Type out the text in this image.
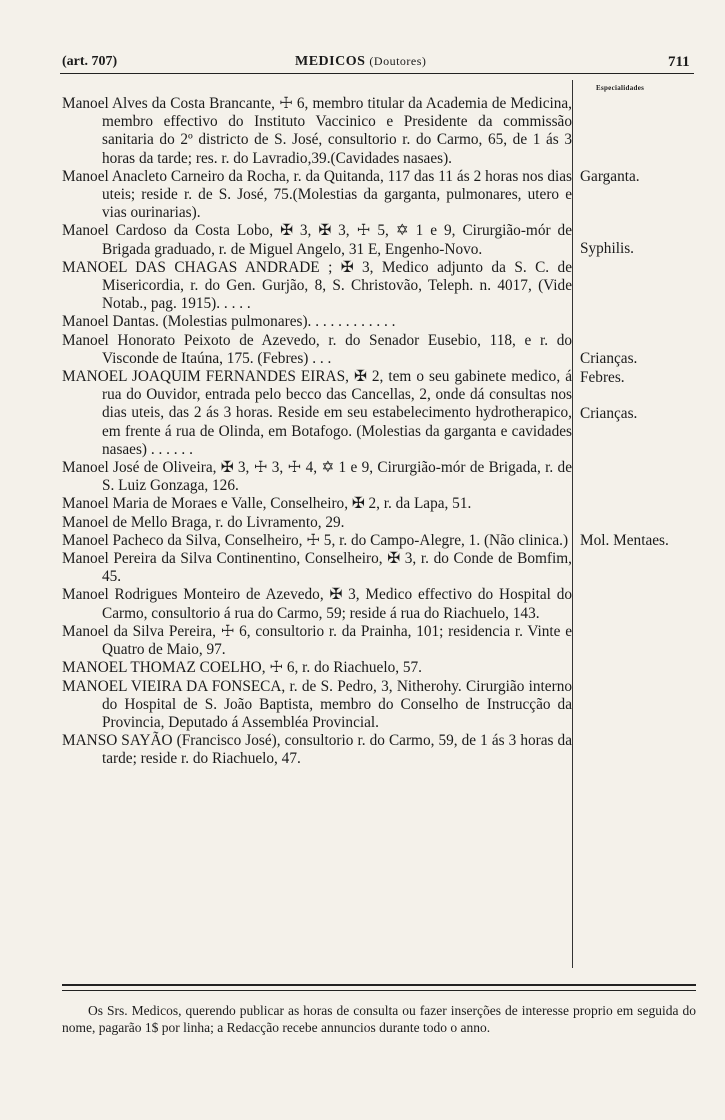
(art. 707)	MEDICOS (Doutores)	711
Especialidades
Manoel Alves da Costa Brancante, ☩ 6, membro titular da Academia de Medicina, membro effectivo do Instituto Vaccinico e Presidente da commissão sanitaria do 2º districto de S. José, consultorio r. do Carmo, 65, de 1 ás 3 horas da tarde; res. r. do Lavradio,39.(Cavidades nasaes).
Manoel Anacleto Carneiro da Rocha, r. da Quitanda, 117 das 11 ás 2 horas nos dias uteis; reside r. de S. José, 75.(Molestias da garganta, pulmonares, utero e vias ourinarias).
Manoel Cardoso da Costa Lobo, ✠ 3, ✠ 3, ☩ 5, ✡ 1 e 9, Cirurgião-mór de Brigada graduado, r. de Miguel Angelo, 31 E, Engenho-Novo.
MANOEL DAS CHAGAS ANDRADE ; ✠ 3, Medico adjunto da S. C. de Misericordia, r. do Gen. Gurjão, 8, S. Christovão, Teleph. n. 4017, (Vide Notab., pag. 1915). . . . .
Manoel Dantas. (Molestias pulmonares). . . . . . . . . . . .
Manoel Honorato Peixoto de Azevedo, r. do Senador Eusebio, 118, e r. do Visconde de Itaúna, 175. (Febres) . . .
MANOEL JOAQUIM FERNANDES EIRAS, ✠ 2, tem o seu gabinete medico, á rua do Ouvidor, entrada pelo becco das Cancellas, 2, onde dá consultas nos dias uteis, das 2 ás 3 horas. Reside em seu estabelecimento hydrotherapico, em frente á rua de Olinda, em Botafogo. (Molestias da garganta e cavidades nasaes) . . . . . .
Manoel José de Oliveira, ✠ 3, ☩ 3, ☩ 4, ✡ 1 e 9, Cirurgião-mór de Brigada, r. de S. Luiz Gonzaga, 126.
Manoel Maria de Moraes e Valle, Conselheiro, ✠ 2, r. da Lapa, 51.
Manoel de Mello Braga, r. do Livramento, 29.
Manoel Pacheco da Silva, Conselheiro, ☩ 5, r. do Campo-Alegre, 1. (Não clinica.)
Manoel Pereira da Silva Continentino, Conselheiro, ✠ 3, r. do Conde de Bomfim, 45.
Manoel Rodrigues Monteiro de Azevedo, ✠ 3, Medico effectivo do Hospital do Carmo, consultorio á rua do Carmo, 59; reside á rua do Riachuelo, 143.
Manoel da Silva Pereira, ☩ 6, consultorio r. da Prainha, 101; residencia r. Vinte e Quatro de Maio, 97.
MANOEL THOMAZ COELHO, ☩ 6, r. do Riachuelo, 57.
MANOEL VIEIRA DA FONSECA, r. de S. Pedro, 3, Nitherohy. Cirurgião interno do Hospital de S. João Baptista, membro do Conselho de Instrucção da Provincia, Deputado á Assembléa Provincial.
MANSO SAYÃO (Francisco José), consultorio r. do Carmo, 59, de 1 ás 3 horas da tarde; reside r. do Riachuelo, 47.
Garganta.
Syphilis.
Crianças.
Febres.
Crianças.
Mol. Mentaes.
Os Srs. Medicos, querendo publicar as horas de consulta ou fazer inserções de interesse proprio em seguida do nome, pagarão 1$ por linha; a Redacção recebe annuncios durante todo o anno.
